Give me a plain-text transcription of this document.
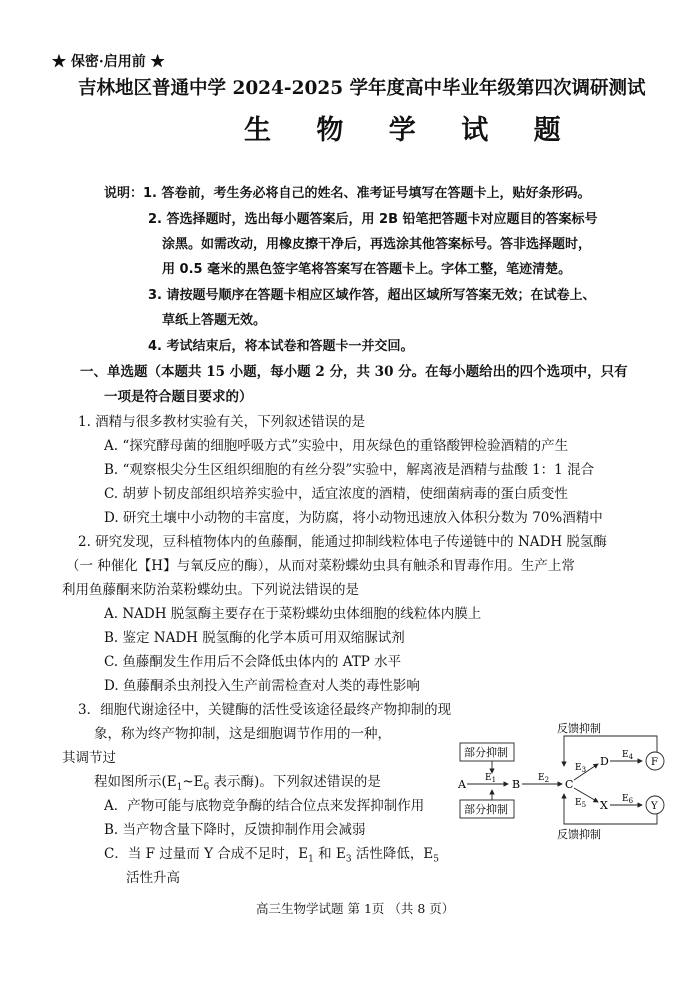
★ 保密·启用前 ★
吉林地区普通中学 2024-2025 学年度高中毕业年级第四次调研测试
生 物 学 试 题
说明：1. 答卷前，考生务必将自己的姓名、准考证号填写在答题卡上，贴好条形码。
2. 答选择题时，选出每小题答案后，用 2B 铅笔把答题卡对应题目的答案标号
涂黑。如需改动，用橡皮擦干净后，再选涂其他答案标号。答非选择题时，
用 0.5 毫米的黑色签字笔将答案写在答题卡上。字体工整，笔迹清楚。
3. 请按题号顺序在答题卡相应区域作答，超出区域所写答案无效；在试卷上、
草纸上答题无效。
4. 考试结束后，将本试卷和答题卡一并交回。
一、单选题（本题共 15 小题，每小题 2 分，共 30 分。在每小题给出的四个选项中，只有
一项是符合题目要求的）
1. 酒精与很多教材实验有关，下列叙述错误的是
A. “探究酵母菌的细胞呼吸方式”实验中，用灰绿色的重铬酸钾检验酒精的产生
B. “观察根尖分生区组织细胞的有丝分裂”实验中，解离液是酒精与盐酸 1：1 混合
C. 胡萝卜韧皮部组织培养实验中，适宜浓度的酒精，使细菌病毒的蛋白质变性
D. 研究土壤中小动物的丰富度，为防腐，将小动物迅速放入体积分数为 70%酒精中
2. 研究发现，豆科植物体内的鱼藤酮，能通过抑制线粒体电子传递链中的 NADH 脱氢酶
（一 种催化【H】与氧反应的酶），从而对菜粉蝶幼虫具有触杀和胃毒作用。生产上常
利用鱼藤酮来防治菜粉蝶幼虫。下列说法错误的是
A. NADH 脱氢酶主要存在于菜粉蝶幼虫体细胞的线粒体内膜上
B. 鉴定 NADH 脱氢酶的化学本质可用双缩脲试剂
C. 鱼藤酮发生作用后不会降低虫体内的 ATP 水平
D. 鱼藤酮杀虫剂投入生产前需检查对人类的毒性影响
3．细胞代谢途径中，关键酶的活性受该途径最终产物抑制的现
象，称为终产物抑制，这是细胞调节作用的一种，
其调节过
程如图所示($E_1\sim E_6$ 表示酶)。下列叙述错误的是
A．产物可能与底物竞争酶的结合位点来发挥抑制作用
B. 当产物含量下降时，反馈抑制作用会减弱
C．当 F 过量而 Y 合成不足时，$E_1$ 和 $E_3$ 活性降低，$E_5$
活性升高
反馈抑制
反馈抑制
部分抑制
部分抑制
A $E_1$ B $E_2$ C
$E_3$
D $E_4$ F
$E_5$ X $E_6$ Y
高三生物学试题 第 1页 （共 8 页）
